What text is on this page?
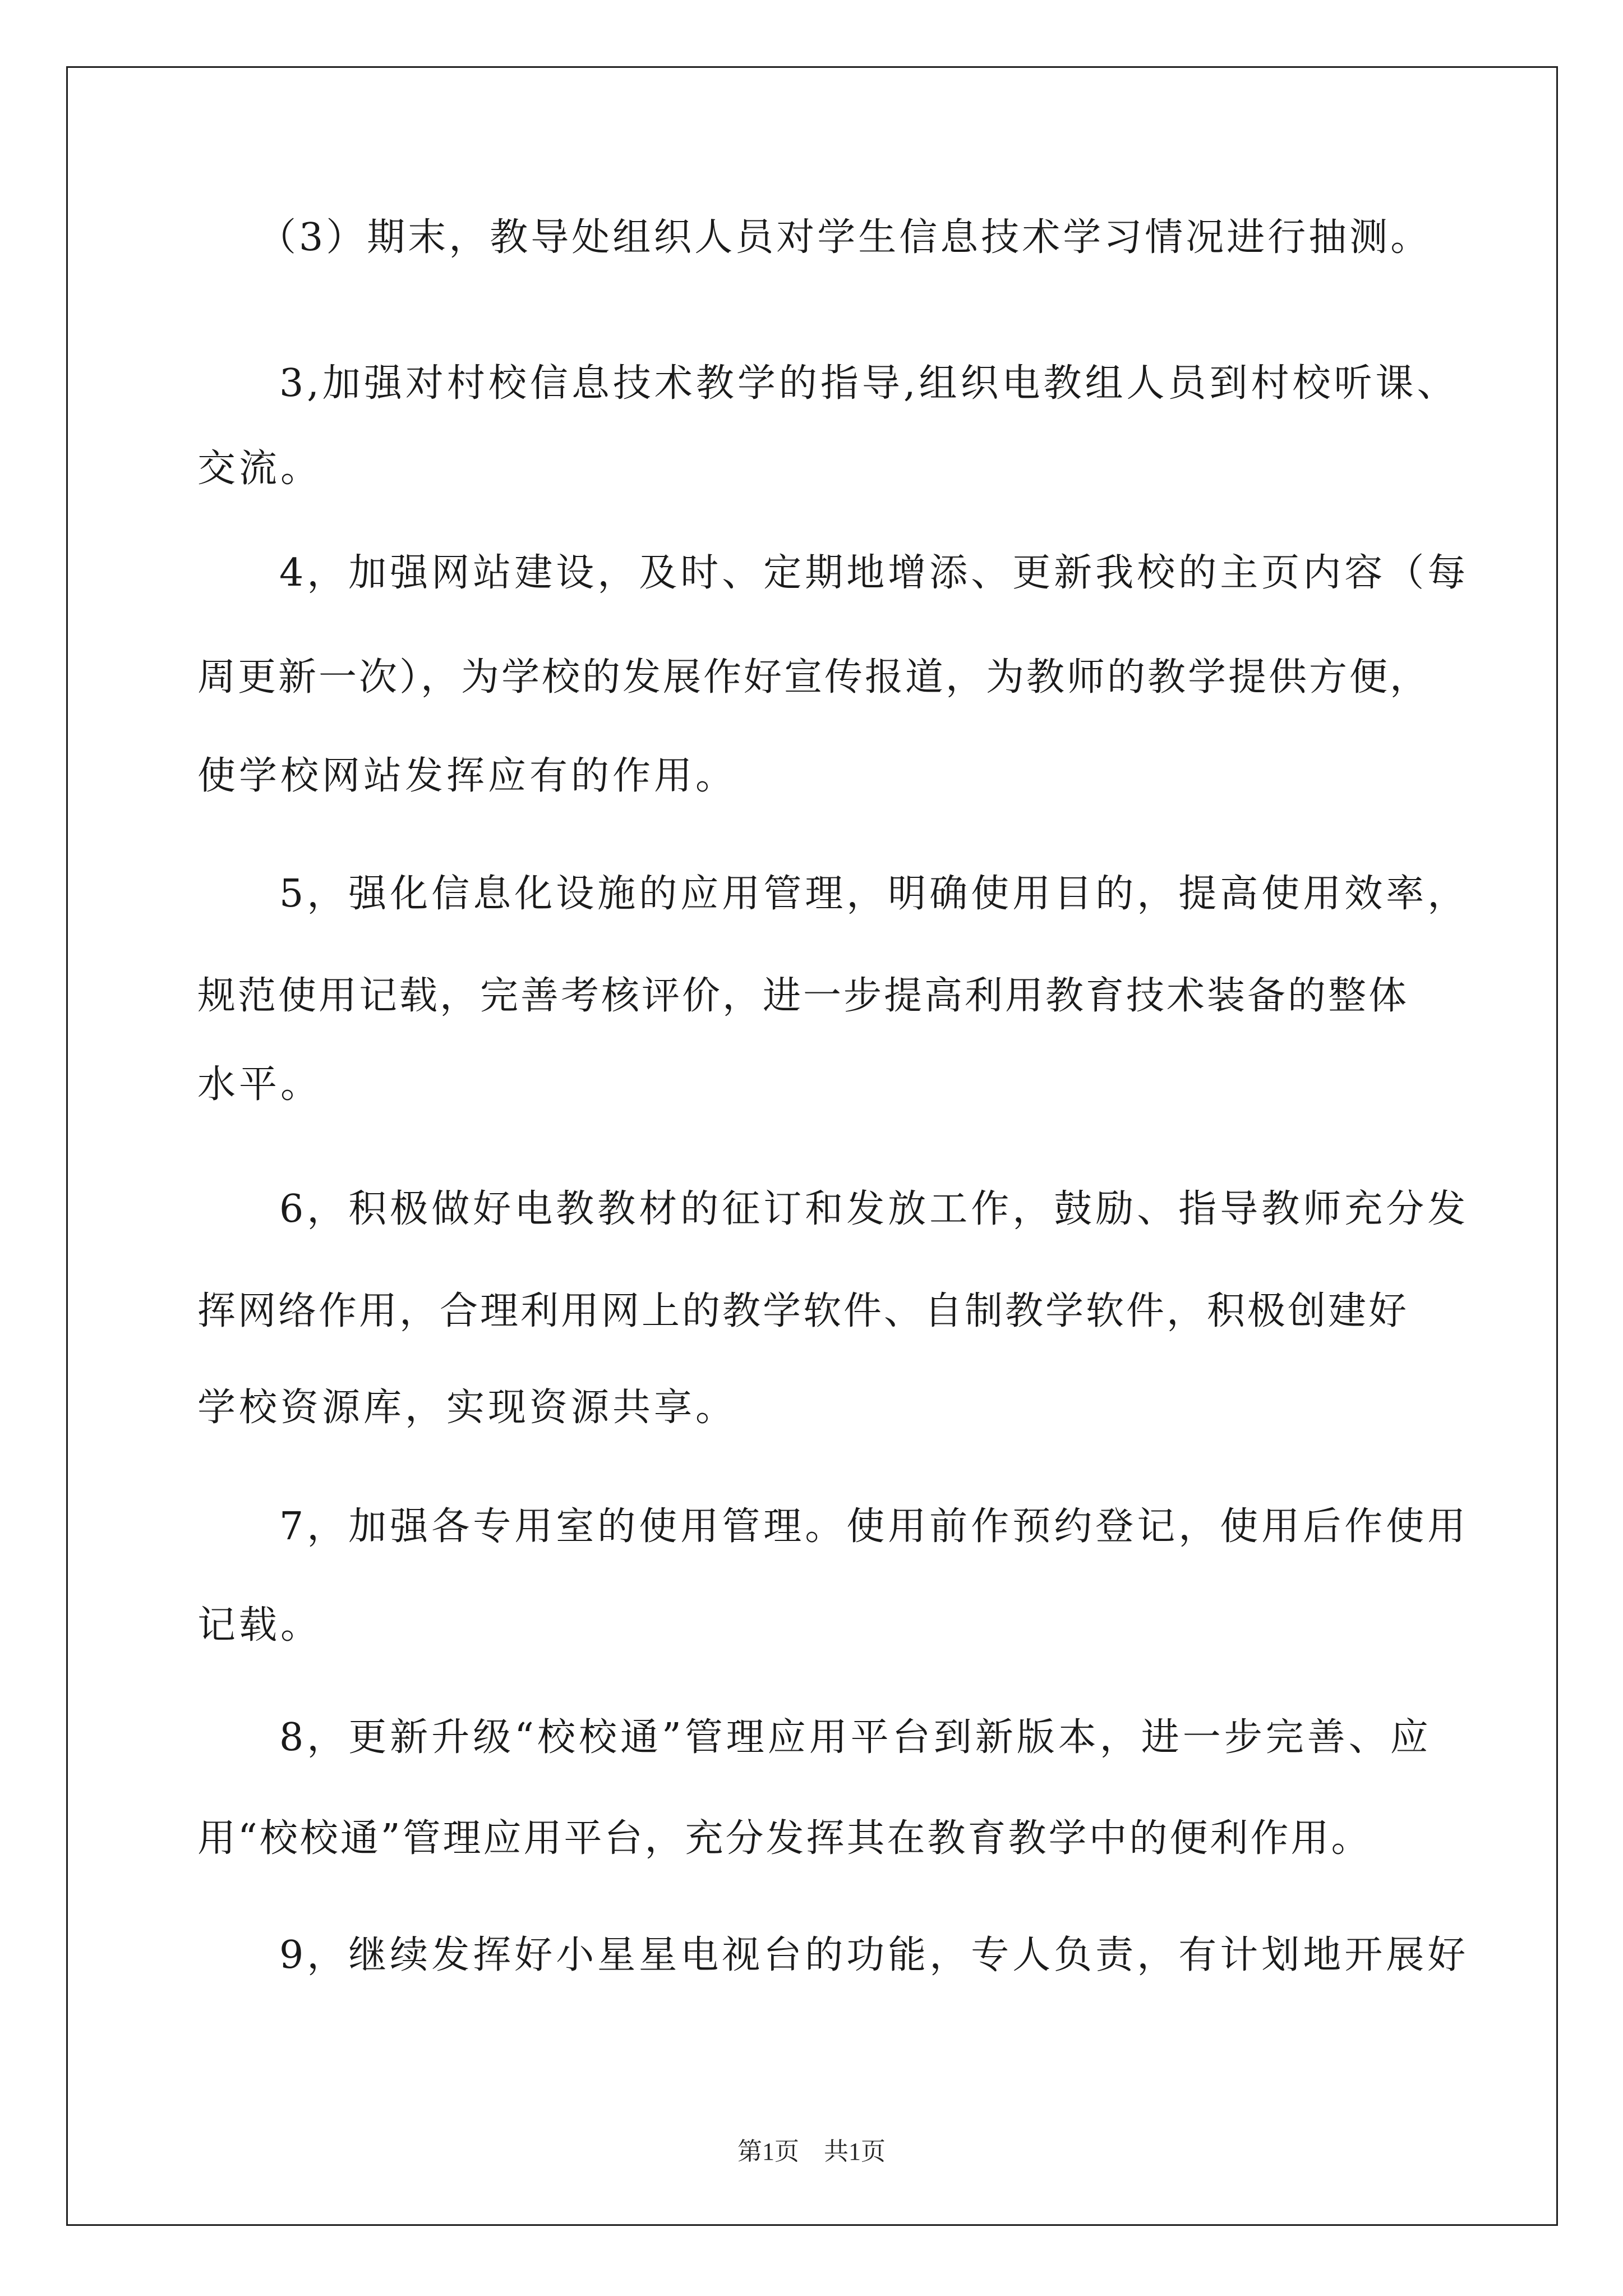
（3）期末，教导处组织人员对学生信息技术学习情况进行抽测。
3,加强对村校信息技术教学的指导,组织电教组人员到村校听课、
交流。
4，加强网站建设，及时、定期地增添、更新我校的主页内容（每
周更新一次），为学校的发展作好宣传报道，为教师的教学提供方便，
使学校网站发挥应有的作用。
5，强化信息化设施的应用管理，明确使用目的，提高使用效率，
规范使用记载，完善考核评价，进一步提高利用教育技术装备的整体
水平。
6，积极做好电教教材的征订和发放工作，鼓励、指导教师充分发
挥网络作用，合理利用网上的教学软件、自制教学软件，积极创建好
学校资源库，实现资源共享。
7，加强各专用室的使用管理。使用前作预约登记，使用后作使用
记载。
8，更新升级“校校通”管理应用平台到新版本，进一步完善、应
用“校校通”管理应用平台，充分发挥其在教育教学中的便利作用。
9，继续发挥好小星星电视台的功能，专人负责，有计划地开展好
第1页 共1页
